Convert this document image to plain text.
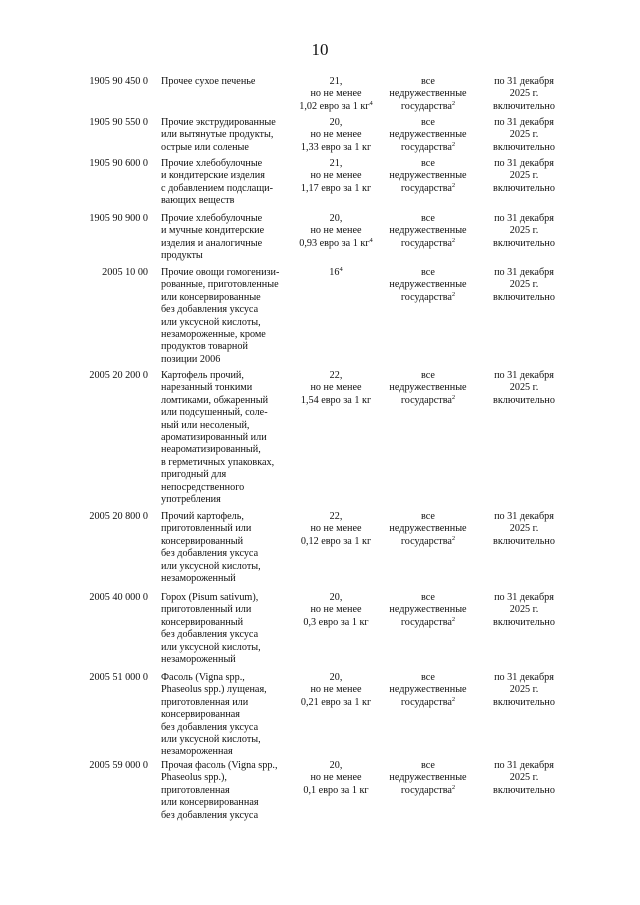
10
1905 90 450 0 Прочее сухое печенье	21,
но не менее
1,02 евро за 1 $кг^4$
все
недружественные
государства$^2$
по 31 декабря
2025 г.
включительно
1905 90 550 0 Прочие экструдированные
или вытянутые продукты,
острые или соленые
20,
но не менее
1,33 евро за 1 кг
все
недружественные
государства$^2$
по 31 декабря
2025 г.
включительно
1905 90 600 0 Прочие хлебобулочные
и кондитерские изделия
с добавлением подслащи-
вающих веществ
21,
но не менее
1,17 евро за 1 кг
все
недружественные
государства$^2$
по 31 декабря
2025 г.
включительно
1905 90 900 0 Прочие хлебобулочные
и мучные кондитерские
изделия и аналогичные
продукты
20,
но не менее
0,93 евро за 1 $кг^4$
все
недружественные
государства$^2$
по 31 декабря
2025 г.
включительно
2005 10 00 Прочие овощи гомогенизи-
рованные, приготовленные
или консервированные
без добавления уксуса
или уксусной кислоты,
незамороженные, кроме
продуктов товарной
позиции 2006
$16^4$	все
недружественные
государства$^2$
по 31 декабря
2025 г.
включительно
2005 20 200 0 Картофель прочий,
нарезанный тонкими
ломтиками, обжаренный
или подсушенный, соле-
ный или несоленый,
ароматизированный или
неароматизированный,
в герметичных упаковках,
пригодный для
непосредственного
употребления
22,
но не менее
1,54 евро за 1 кг
все
недружественные
государства$^2$
по 31 декабря
2025 г.
включительно
2005 20 800 0 Прочий картофель,
приготовленный или
консервированный
без добавления уксуса
или уксусной кислоты,
незамороженный
22,
но не менее
0,12 евро за 1 кг
все
недружественные
государства$^2$
по 31 декабря
2025 г.
включительно
2005 40 000 0 Горох (Pisum sativum),
приготовленный или
консервированный
без добавления уксуса
или уксусной кислоты,
незамороженный
20,
но не менее
0,3 евро за 1 кг
все
недружественные
государства$^2$
по 31 декабря
2025 г.
включительно
2005 51 000 0 Фасоль (Vigna spp.,
Phaseolus spp.) лущеная,
приготовленная или
консервированная
без добавления уксуса
или уксусной кислоты,
незамороженная
20,
но не менее
0,21 евро за 1 кг
все
недружественные
государства$^2$
по 31 декабря
2025 г.
включительно
2005 59 000 0 Прочая фасоль (Vigna spp.,
Phaseolus spp.),
приготовленная
или консервированная
без добавления уксуса
20,
но не менее
0,1 евро за 1 кг
все
недружественные
государства$^2$
по 31 декабря
2025 г.
включительно
